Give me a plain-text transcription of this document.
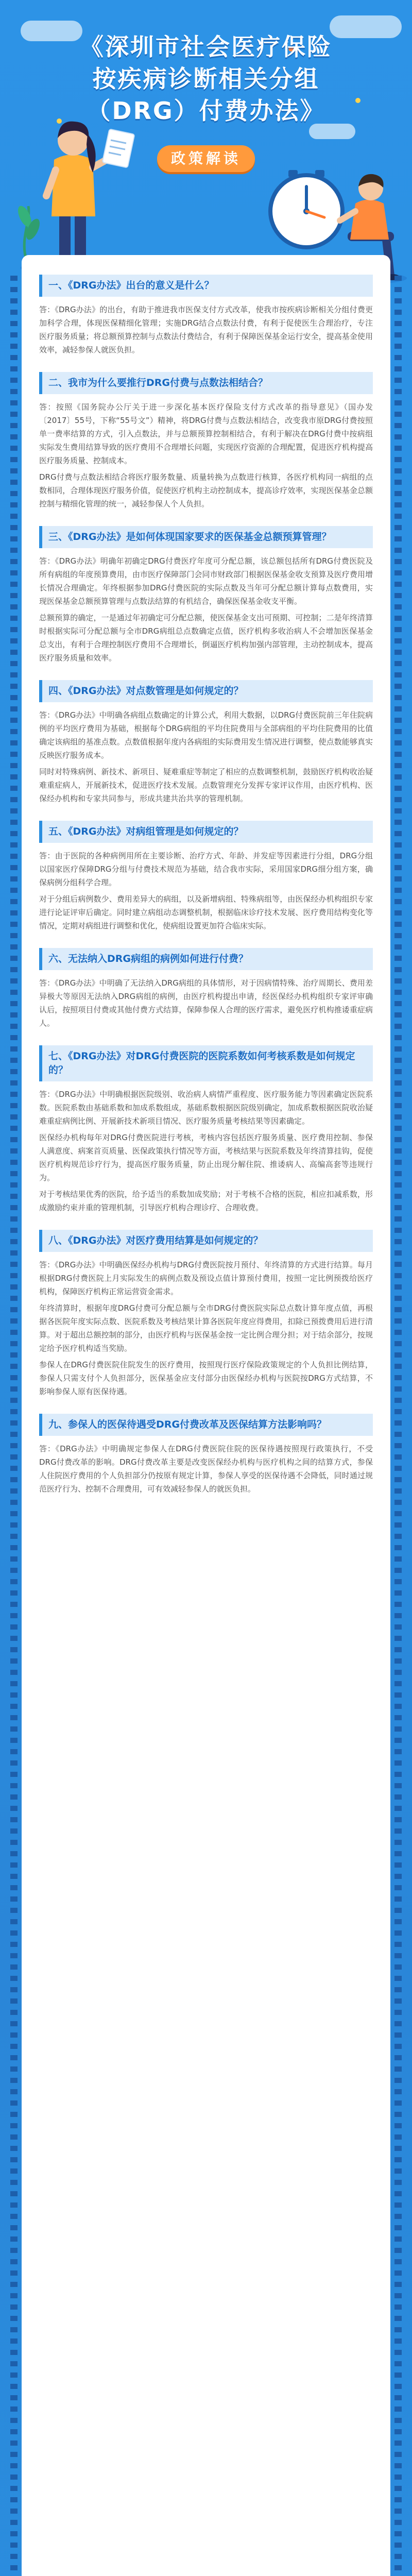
《深圳市社会医疗保险
按疾病诊断相关分组
（DRG）付费办法》
政策解读
一、《DRG办法》出台的意义是什么？

答：《DRG办法》的出台，有助于推进我市医保支付方式改革，使我市按疾病诊断相关分组付费更加科学合理，体现医保精细化管理；实施DRG结合点数法付费，有利于促使医生合理治疗，专注医疗服务质量；将总额预算控制与点数法付费结合，有利于保障医保基金运行安全，提高基金使用效率，减轻参保人就医负担。

二、我市为什么要推行DRG付费与点数法相结合？

答：按照《国务院办公厅关于进一步深化基本医疗保险支付方式改革的指导意见》（国办发〔2017〕55号，下称“55号文”）精神，将DRG付费与点数法相结合，改变我市原DRG付费按照单一费率结算的方式，引入点数法，并与总额预算控制相结合，有利于解决在DRG付费中按病组实际发生费用结算导致的医疗费用不合理增长问题，实现医疗资源的合理配置，促进医疗机构提高医疗服务质量、控制成本。

DRG付费与点数法相结合将医疗服务数量、质量转换为点数进行核算，各医疗机构同一病组的点数相同，合理体现医疗服务价值，促使医疗机构主动控制成本，提高诊疗效率，实现医保基金总额控制与精细化管理的统一，减轻参保人个人负担。

三、《DRG办法》是如何体现国家要求的医保基金总额预算管理？

答：《DRG办法》明确年初确定DRG付费医疗年度可分配总额，该总额包括所有DRG付费医院及所有病组的年度预算费用，由市医疗保障部门会同市财政部门根据医保基金收支预算及医疗费用增长情况合理确定。年终根据参加DRG付费医院的实际点数及当年可分配总额计算每点数费用，实现医保基金总额预算管理与点数法结算的有机结合，确保医保基金收支平衡。

总额预算的确定，一是通过年初确定可分配总额，使医保基金支出可预期、可控制；二是年终清算时根据实际可分配总额与全市DRG病组总点数确定点值，医疗机构多收治病人不会增加医保基金总支出，有利于合理控制医疗费用不合理增长，倒逼医疗机构加强内部管理，主动控制成本，提高医疗服务质量和效率。

四、《DRG办法》对点数管理是如何规定的？

答：《DRG办法》中明确各病组点数确定的计算公式，利用大数据，以DRG付费医院前三年住院病例的平均医疗费用为基础，根据每个DRG病组的平均住院费用与全部病组的平均住院费用的比值确定该病组的基准点数。点数值根据年度内各病组的实际费用发生情况进行调整，使点数能够真实反映医疗服务成本。

同时对特殊病例、新技术、新项目、疑难重症等制定了相应的点数调整机制，鼓励医疗机构收治疑难重症病人，开展新技术，促进医疗技术发展。点数管理充分发挥专家评议作用，由医疗机构、医保经办机构和专家共同参与，形成共建共治共享的管理机制。

五、《DRG办法》对病组管理是如何规定的？

答：由于医院的各种病例用所在主要诊断、治疗方式、年龄、并发症等因素进行分组，DRG分组以国家医疗保障DRG分组与付费技术规范为基础，结合我市实际，采用国家DRG细分组方案，确保病例分组科学合理。

对于分组后病例数少、费用差异大的病组，以及新增病组、特殊病组等，由医保经办机构组织专家进行论证评审后确定。同时建立病组动态调整机制，根据临床诊疗技术发展、医疗费用结构变化等情况，定期对病组进行调整和优化，使病组设置更加符合临床实际。

六、无法纳入DRG病组的病例如何进行付费？

答：《DRG办法》中明确了无法纳入DRG病组的具体情形，对于因病情特殊、治疗周期长、费用差异极大等原因无法纳入DRG病组的病例，由医疗机构提出申请，经医保经办机构组织专家评审确认后，按照项目付费或其他付费方式结算，保障参保人合理的医疗需求，避免医疗机构推诿重症病人。

七、《DRG办法》对DRG付费医院的医院系数如何考核系数是如何规定的？

答：《DRG办法》中明确根据医院级别、收治病人病情严重程度、医疗服务能力等因素确定医院系数。医院系数由基础系数和加成系数组成，基础系数根据医院级别确定，加成系数根据医院收治疑难重症病例比例、开展新技术新项目情况、医疗服务质量考核结果等因素确定。

医保经办机构每年对DRG付费医院进行考核，考核内容包括医疗服务质量、医疗费用控制、参保人满意度、病案首页质量、医保政策执行情况等方面，考核结果与医院系数及年终清算挂钩，促使医疗机构规范诊疗行为，提高医疗服务质量，防止出现分解住院、推诿病人、高编高套等违规行为。

对于考核结果优秀的医院，给予适当的系数加成奖励；对于考核不合格的医院，相应扣减系数，形成激励约束并重的管理机制，引导医疗机构合理诊疗、合理收费。

八、《DRG办法》对医疗费用结算是如何规定的？

答：《DRG办法》中明确医保经办机构与DRG付费医院按月预付、年终清算的方式进行结算。每月根据DRG付费医院上月实际发生的病例点数及预设点值计算预付费用，按照一定比例预拨给医疗机构，保障医疗机构正常运营资金需求。

年终清算时，根据年度DRG付费可分配总额与全市DRG付费医院实际总点数计算年度点值，再根据各医院年度实际点数、医院系数及考核结果计算各医院年度应得费用，扣除已预拨费用后进行清算。对于超出总额控制的部分，由医疗机构与医保基金按一定比例合理分担；对于结余部分，按规定给予医疗机构适当奖励。

参保人在DRG付费医院住院发生的医疗费用，按照现行医疗保险政策规定的个人负担比例结算，参保人只需支付个人负担部分，医保基金应支付部分由医保经办机构与医院按DRG方式结算，不影响参保人原有医保待遇。

九、参保人的医保待遇受DRG付费改革及医保结算方法影响吗？

答：《DRG办法》中明确规定参保人在DRG付费医院住院的医保待遇按照现行政策执行，不受DRG付费改革的影响。DRG付费改革主要是改变医保经办机构与医疗机构之间的结算方式，参保人住院医疗费用的个人负担部分仍按原有规定计算，参保人享受的医保待遇不会降低，同时通过规范医疗行为、控制不合理费用，可有效减轻参保人的就医负担。
